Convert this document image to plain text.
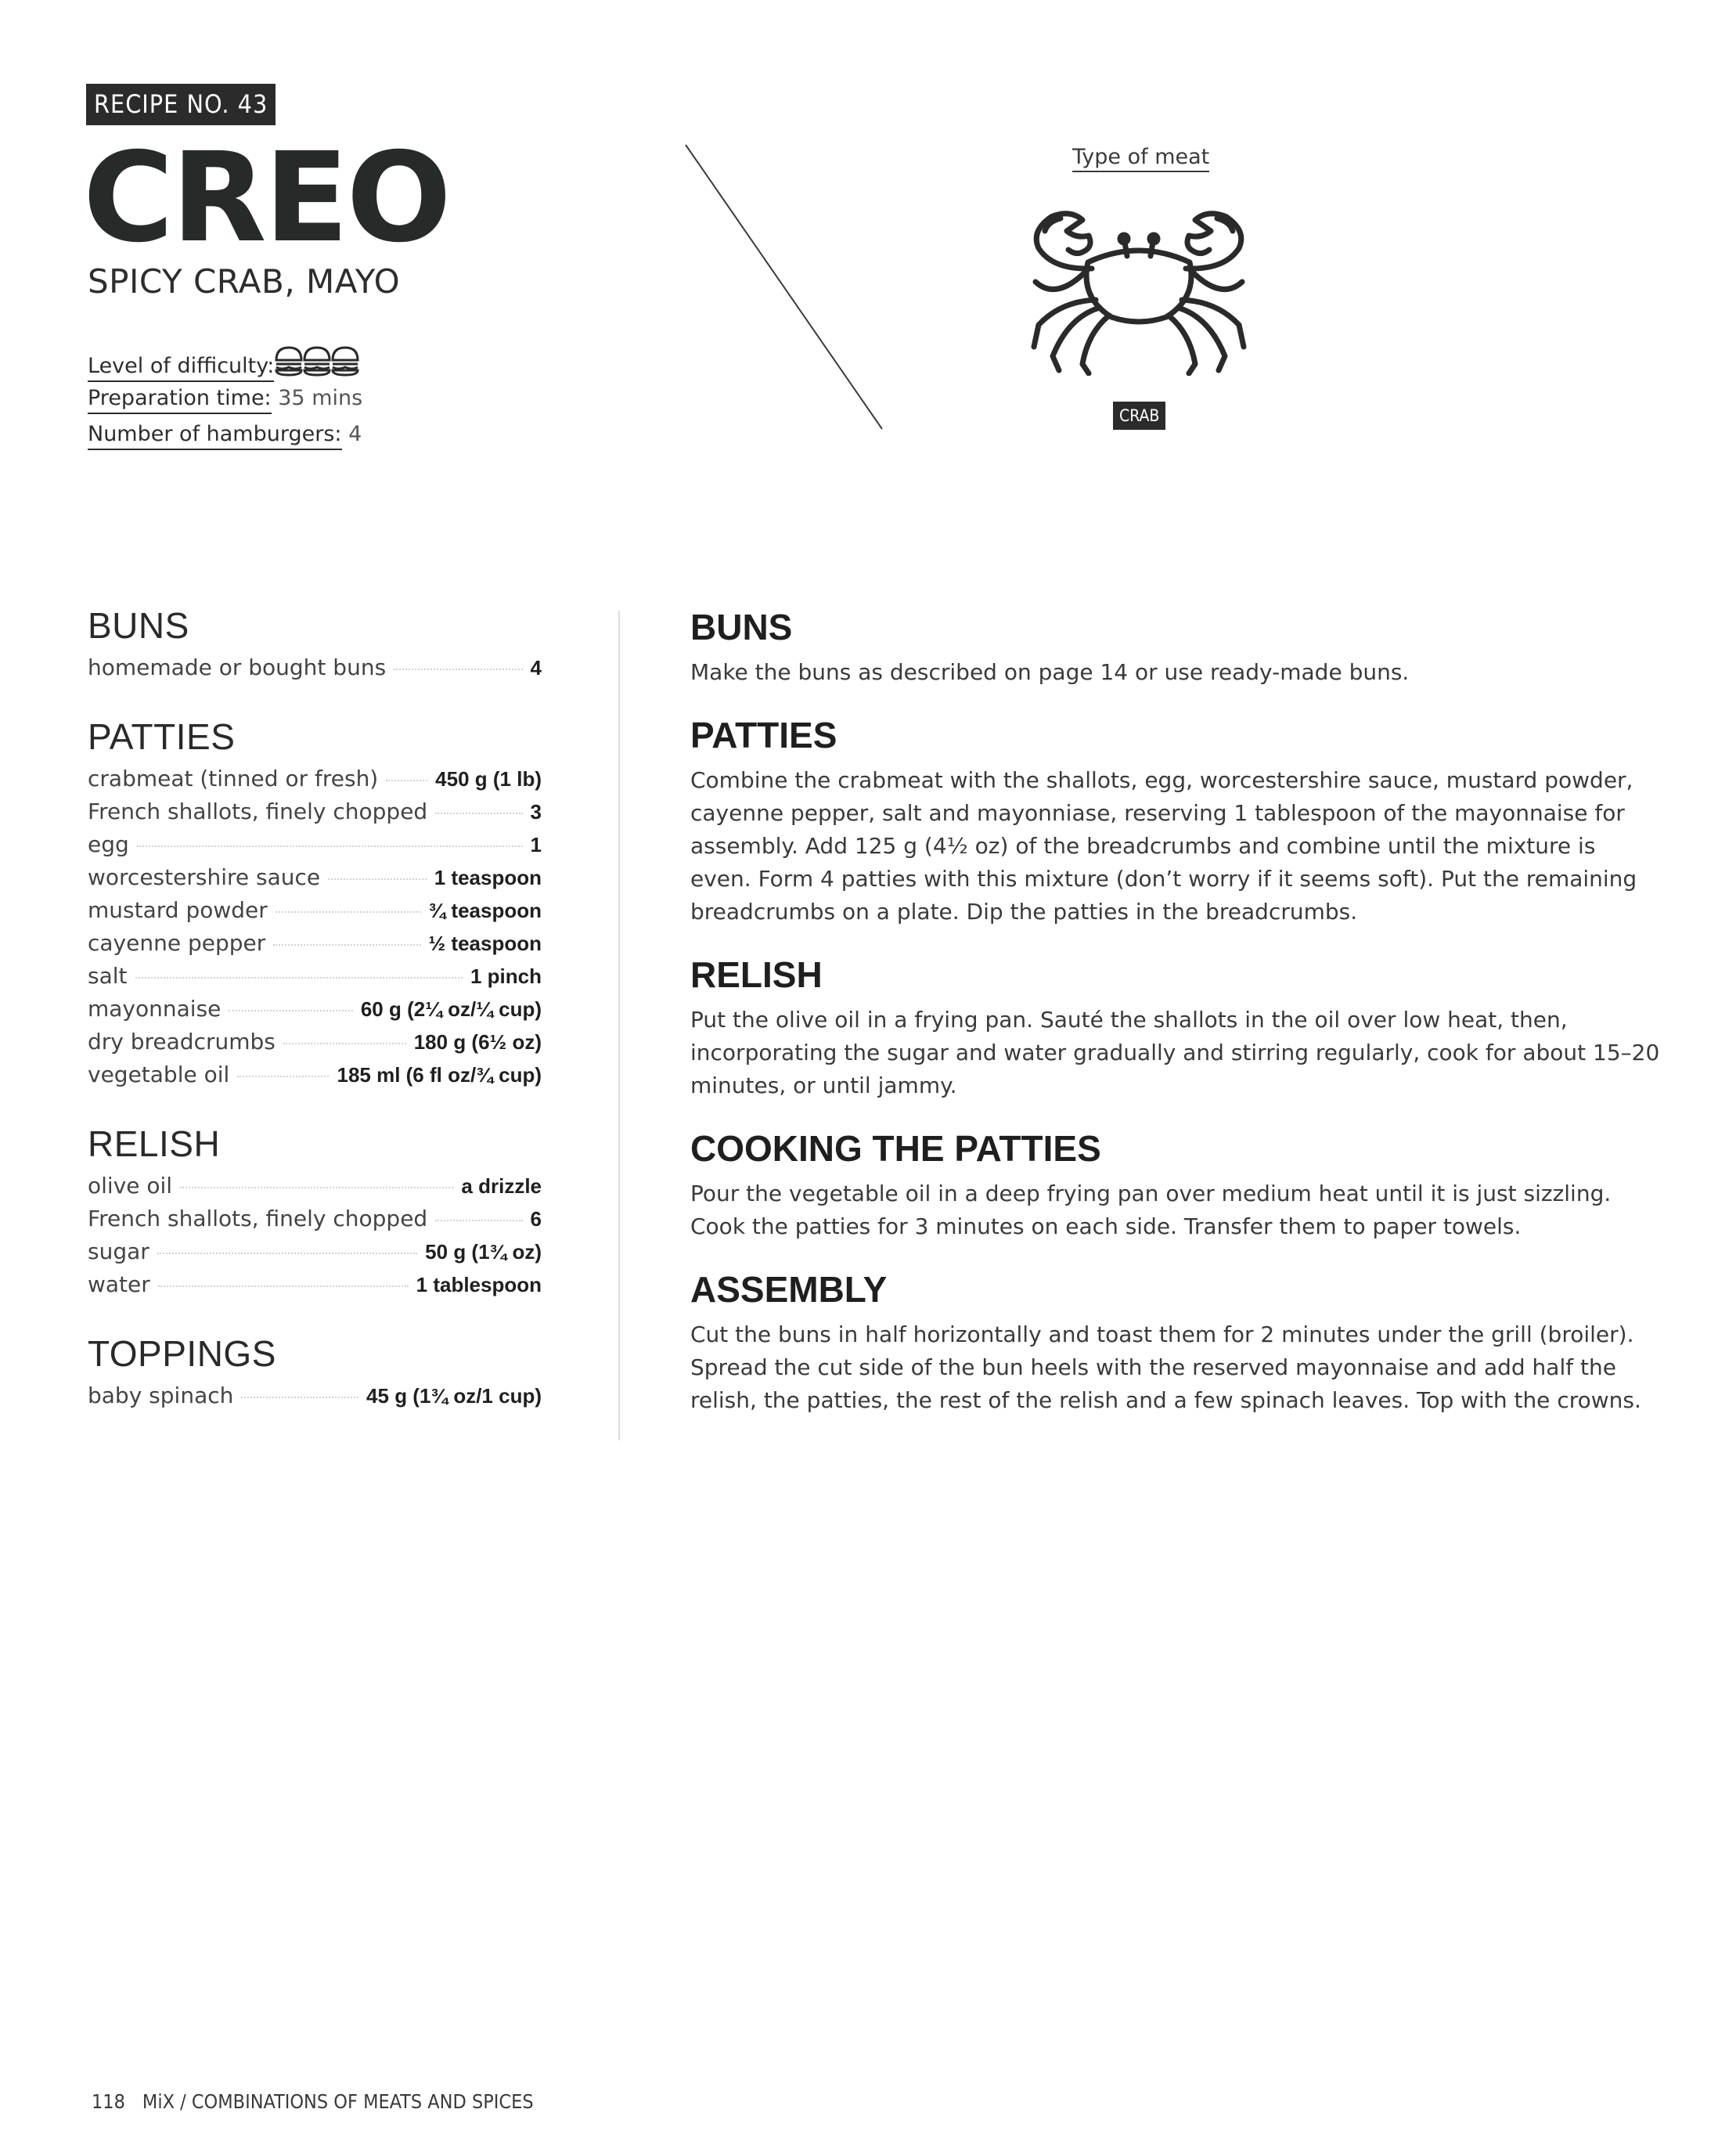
RECIPE NO. 43
CREO
SPICY CRAB, MAYO
Level of difficulty:
Preparation time: 35 mins
Number of hamburgers: 4
Type of meat
CRAB
BUNS
homemade or bought buns	4
PATTIES
crabmeat (tinned or fresh)	450 g (1 lb)
French shallots, finely chopped	3
egg	1
worcestershire sauce	1 teaspoon
mustard powder	¾ teaspoon
cayenne pepper	½ teaspoon
salt	1 pinch
mayonnaise	60 g (2¼ oz/¼ cup)
dry breadcrumbs	180 g (6½ oz)
vegetable oil	185 ml (6 fl oz/¾ cup)
RELISH
olive oil	a drizzle
French shallots, finely chopped	6
sugar	50 g (1¾ oz)
water	1 tablespoon
TOPPINGS
baby spinach	45 g (1¾ oz/1 cup)
BUNS

Make the buns as described on page 14 or use ready-made buns.

PATTIES

Combine the crabmeat with the shallots, egg, worcestershire sauce, mustard powder, cayenne pepper, salt and mayonniase, reserving 1 tablespoon of the mayonnaise for assembly. Add 125 g (4½ oz) of the breadcrumbs and combine until the mixture is even. Form 4 patties with this mixture (don’t worry if it seems soft). Put the remaining breadcrumbs on a plate. Dip the patties in the breadcrumbs.

RELISH

Put the olive oil in a frying pan. Sauté the shallots in the oil over low heat, then, incorporating the sugar and water gradually and stirring regularly, cook for about 15–20 minutes, or until jammy.

COOKING THE PATTIES

Pour the vegetable oil in a deep frying pan over medium heat until it is just sizzling. Cook the patties for 3 minutes on each side. Transfer them to paper towels.

ASSEMBLY

Cut the buns in half horizontally and toast them for 2 minutes under the grill (broiler). Spread the cut side of the bun heels with the reserved mayonnaise and add half the relish, the patties, the rest of the relish and a few spinach leaves. Top with the crowns.

118 MiX / COMBINATIONS OF MEATS AND SPICES
